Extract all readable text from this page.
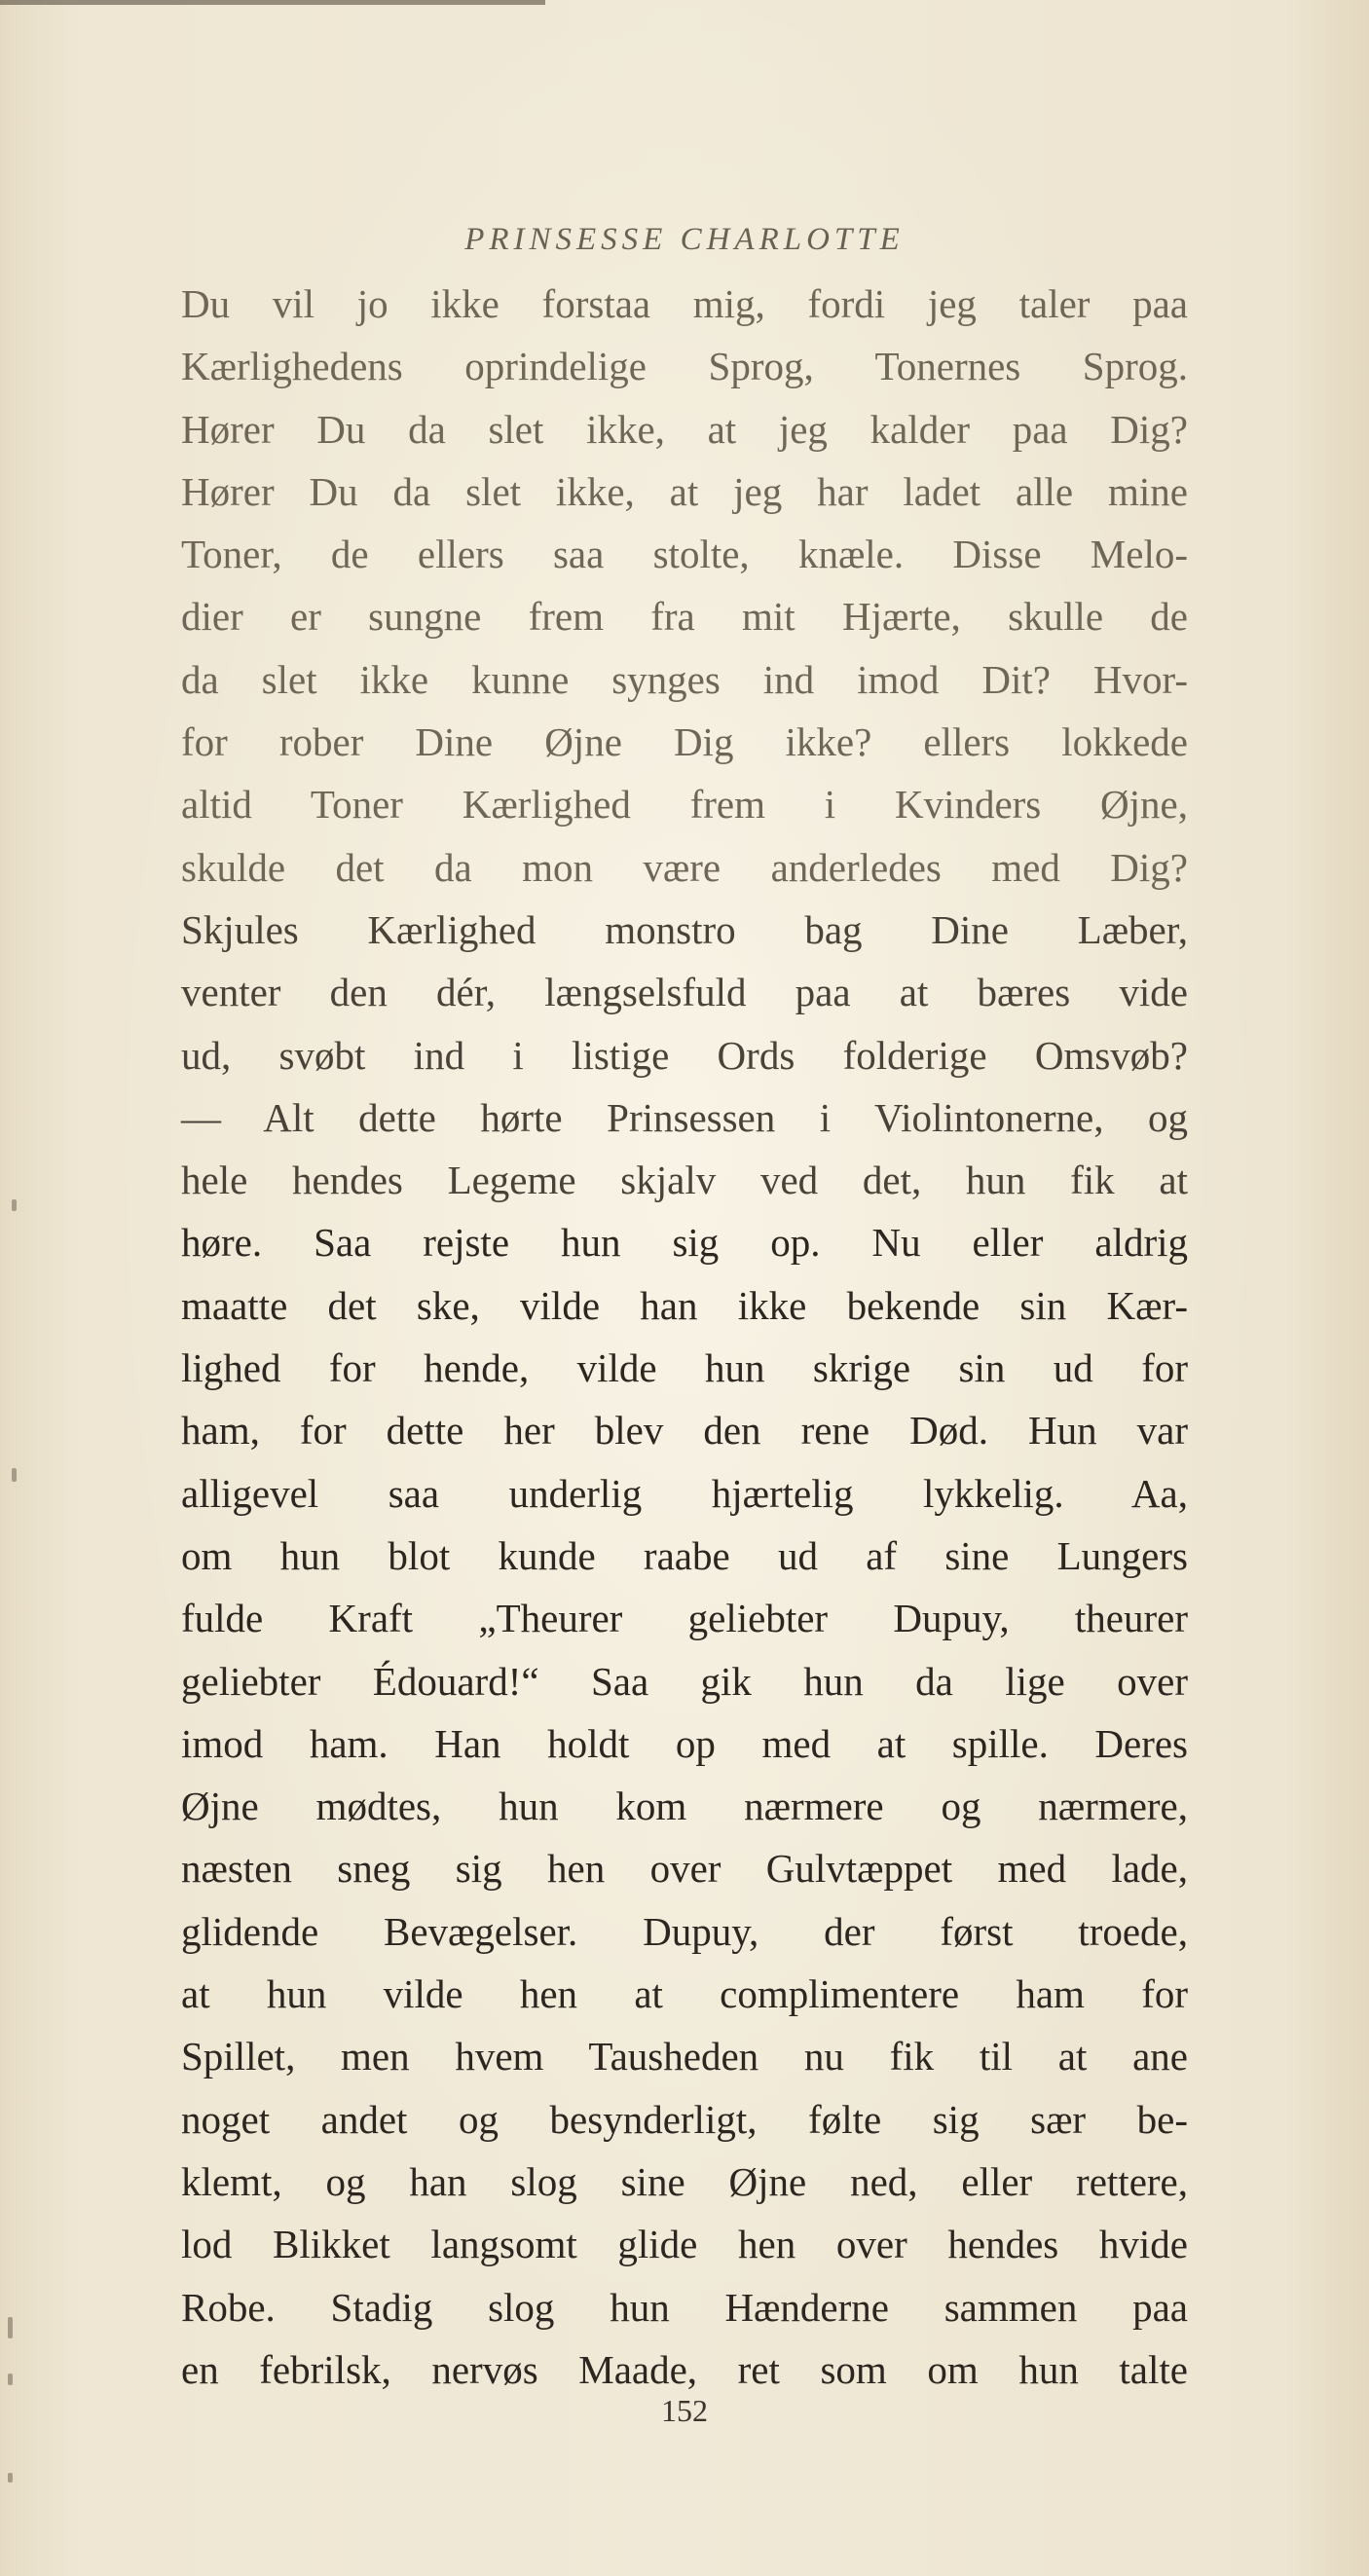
PRINSESSE CHARLOTTE
Du vil jo ikke forstaa mig, fordi jeg taler paa
Kærlighedens oprindelige Sprog, Tonernes Sprog.
Hører Du da slet ikke, at jeg kalder paa Dig?
Hører Du da slet ikke, at jeg har ladet alle mine
Toner, de ellers saa stolte, knæle. Disse Melo-
dier er sungne frem fra mit Hjærte, skulle de
da slet ikke kunne synges ind imod Dit? Hvor-
for rober Dine Øjne Dig ikke? ellers lokkede
altid Toner Kærlighed frem i Kvinders Øjne,
skulde det da mon være anderledes med Dig?
Skjules Kærlighed monstro bag Dine Læber,
venter den dér, længselsfuld paa at bæres vide
ud, svøbt ind i listige Ords folderige Omsvøb?
— Alt dette hørte Prinsessen i Violintonerne, og
hele hendes Legeme skjalv ved det, hun fik at
høre. Saa rejste hun sig op. Nu eller aldrig
maatte det ske, vilde han ikke bekende sin Kær-
lighed for hende, vilde hun skrige sin ud for
ham, for dette her blev den rene Død. Hun var
alligevel saa underlig hjærtelig lykkelig. Aa,
om hun blot kunde raabe ud af sine Lungers
fulde Kraft „Theurer geliebter Dupuy, theurer
geliebter Édouard!“ Saa gik hun da lige over
imod ham. Han holdt op med at spille. Deres
Øjne mødtes, hun kom nærmere og nærmere,
næsten sneg sig hen over Gulvtæppet med lade,
glidende Bevægelser. Dupuy, der først troede,
at hun vilde hen at complimentere ham for
Spillet, men hvem Tausheden nu fik til at ane
noget andet og besynderligt, følte sig sær be-
klemt, og han slog sine Øjne ned, eller rettere,
lod Blikket langsomt glide hen over hendes hvide
Robe. Stadig slog hun Hænderne sammen paa
en febrilsk, nervøs Maade, ret som om hun talte
152
